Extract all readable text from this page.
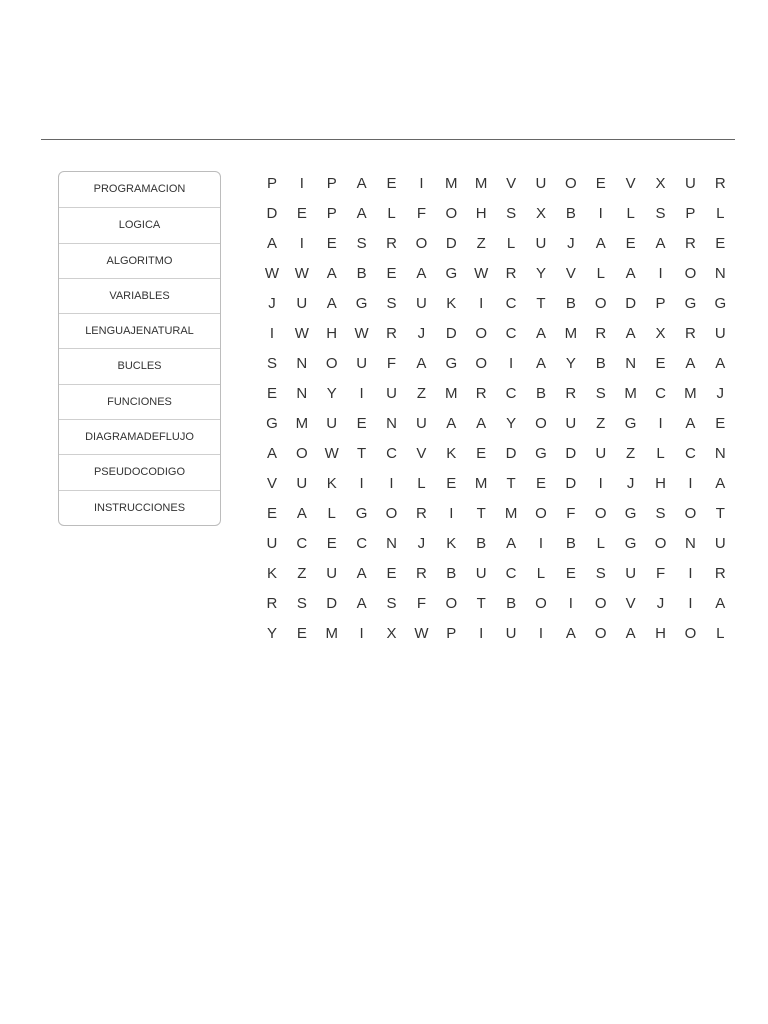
PROGRAMACION
LOGICA
ALGORITMO
VARIABLES
LENGUAJENATURAL
BUCLES
FUNCIONES
DIAGRAMADEFLUJO
PSEUDOCODIGO
INSTRUCCIONES
P	I	P	A	E	I	M	M	V	U	O	E	V	X	U	R
D	E	P	A	L	F	O	H	S	X	B	I	L	S	P	L
A	I	E	S	R	O	D	Z	L	U	J	A	E	A	R	E
W	W	A	B	E	A	G	W	R	Y	V	L	A	I	O	N
J	U	A	G	S	U	K	I	C	T	B	O	D	P	G	G
I	W	H	W	R	J	D	O	C	A	M	R	A	X	R	U
S	N	O	U	F	A	G	O	I	A	Y	B	N	E	A	A
E	N	Y	I	U	Z	M	R	C	B	R	S	M	C	M	J
G	M	U	E	N	U	A	A	Y	O	U	Z	G	I	A	E
A	O	W	T	C	V	K	E	D	G	D	U	Z	L	C	N
V	U	K	I	I	L	E	M	T	E	D	I	J	H	I	A
E	A	L	G	O	R	I	T	M	O	F	O	G	S	O	T
U	C	E	C	N	J	K	B	A	I	B	L	G	O	N	U
K	Z	U	A	E	R	B	U	C	L	E	S	U	F	I	R
R	S	D	A	S	F	O	T	B	O	I	O	V	J	I	A
Y	E	M	I	X	W	P	I	U	I	A	O	A	H	O	L
